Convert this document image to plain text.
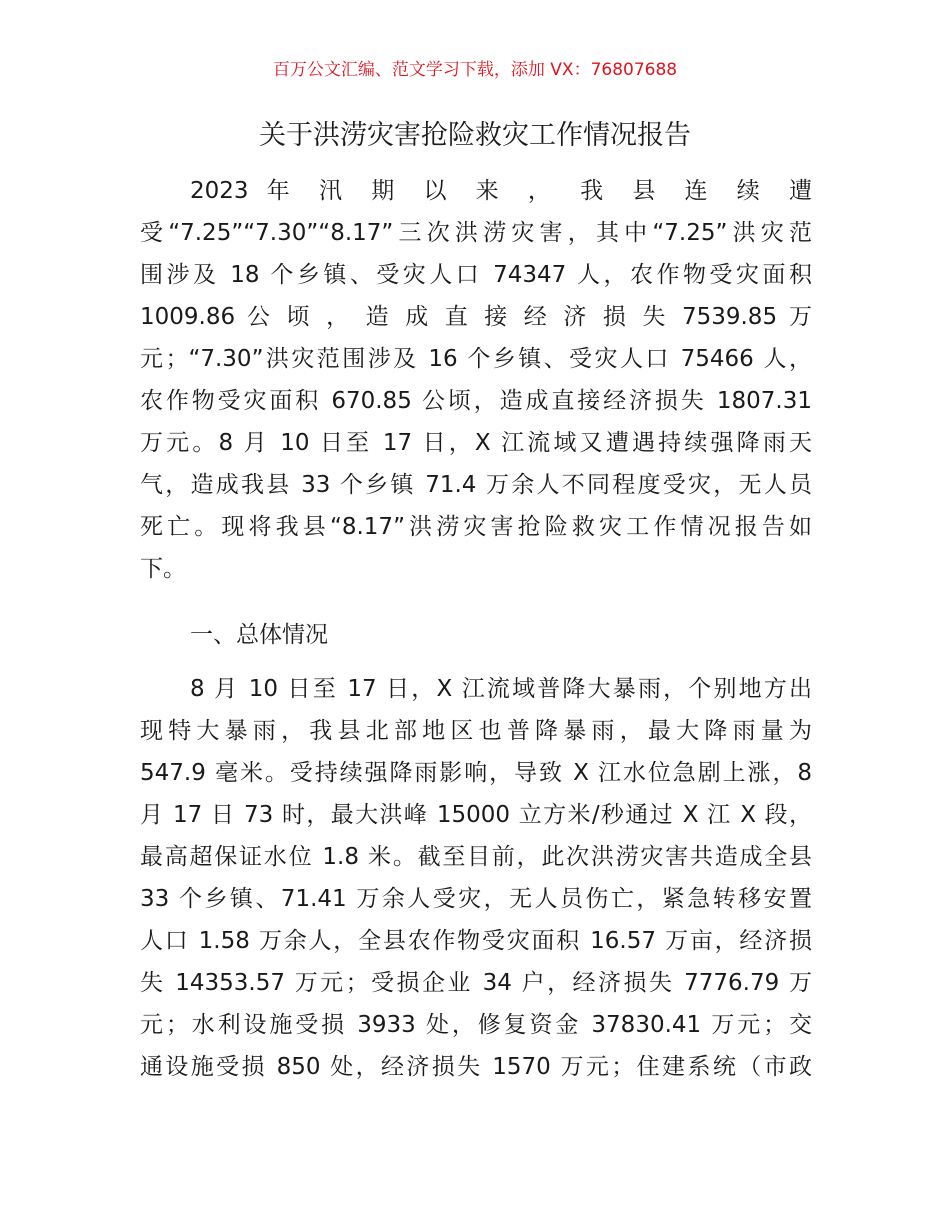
百万公文汇编、范文学习下载，添加 VX：76807688
关于洪涝灾害抢险救灾工作情况报告
2023 年 汛 期 以 来 ， 我 县 连 续 遭
受“7.25”“7.30”“8.17”三次洪涝灾害，其中“7.25”洪灾范
围涉及 18 个乡镇、受灾人口 74347 人，农作物受灾面积
1009.86 公 顷 ， 造 成 直 接 经 济 损 失 7539.85 万
元；“7.30”洪灾范围涉及 16 个乡镇、受灾人口 75466 人，
农作物受灾面积 670.85 公顷，造成直接经济损失 1807.31
万元。8 月 10 日至 17 日，X 江流域又遭遇持续强降雨天
气，造成我县 33 个乡镇 71.4 万余人不同程度受灾，无人员
死亡。现将我县“8.17”洪涝灾害抢险救灾工作情况报告如
下。
一、总体情况
8 月 10 日至 17 日，X 江流域普降大暴雨，个别地方出
现特大暴雨，我县北部地区也普降暴雨，最大降雨量为
547.9 毫米。受持续强降雨影响，导致 X 江水位急剧上涨，8
月 17 日 73 时，最大洪峰 15000 立方米/秒通过 X 江 X 段，
最高超保证水位 1.8 米。截至目前，此次洪涝灾害共造成全县
33 个乡镇、71.41 万余人受灾，无人员伤亡，紧急转移安置
人口 1.58 万余人，全县农作物受灾面积 16.57 万亩，经济损
失 14353.57 万元；受损企业 34 户，经济损失 7776.79 万
元；水利设施受损 3933 处，修复资金 37830.41 万元；交
通设施受损 850 处，经济损失 1570 万元；住建系统（市政
